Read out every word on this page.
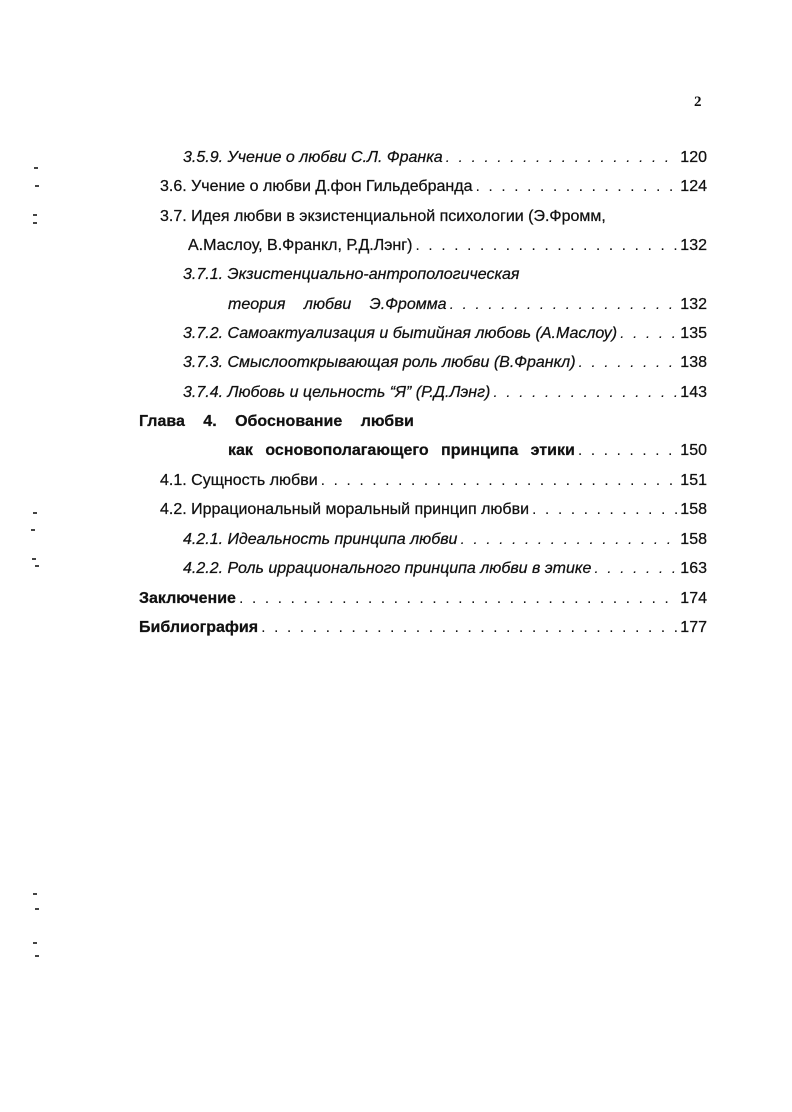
2
3.5.9. Учение о любви С.Л. Франка . . .	120
3.6. Учение о любви Д.фон Гильдебранда . . .	124
3.7. Идея любви в экзистенциальной психологии (Э.Фромм,
А.Маслоу, В.Франкл, Р.Д.Лэнг) . . .	132
3.7.1. Экзистенциально-антропологическая
теория любви Э.Фромма . . .	132
3.7.2. Самоактуализация и бытийная любовь (А.Маслоу) . . .	135
3.7.3. Смыслооткрывающая роль любви (В.Франкл) . . .	138
3.7.4. Любовь и цельность “Я” (Р.Д.Лэнг) . . .	143
Глава 4. Обоснование любви
как основополагающего принципа этики . . .	150
4.1. Сущность любви . . .	151
4.2. Иррациональный моральный принцип любви . . .	158
4.2.1. Идеальность принципа любви . . .	158
4.2.2. Роль иррационального принципа любви в этике . . .	163
Заключение . . .	174
Библиография . . .	177
